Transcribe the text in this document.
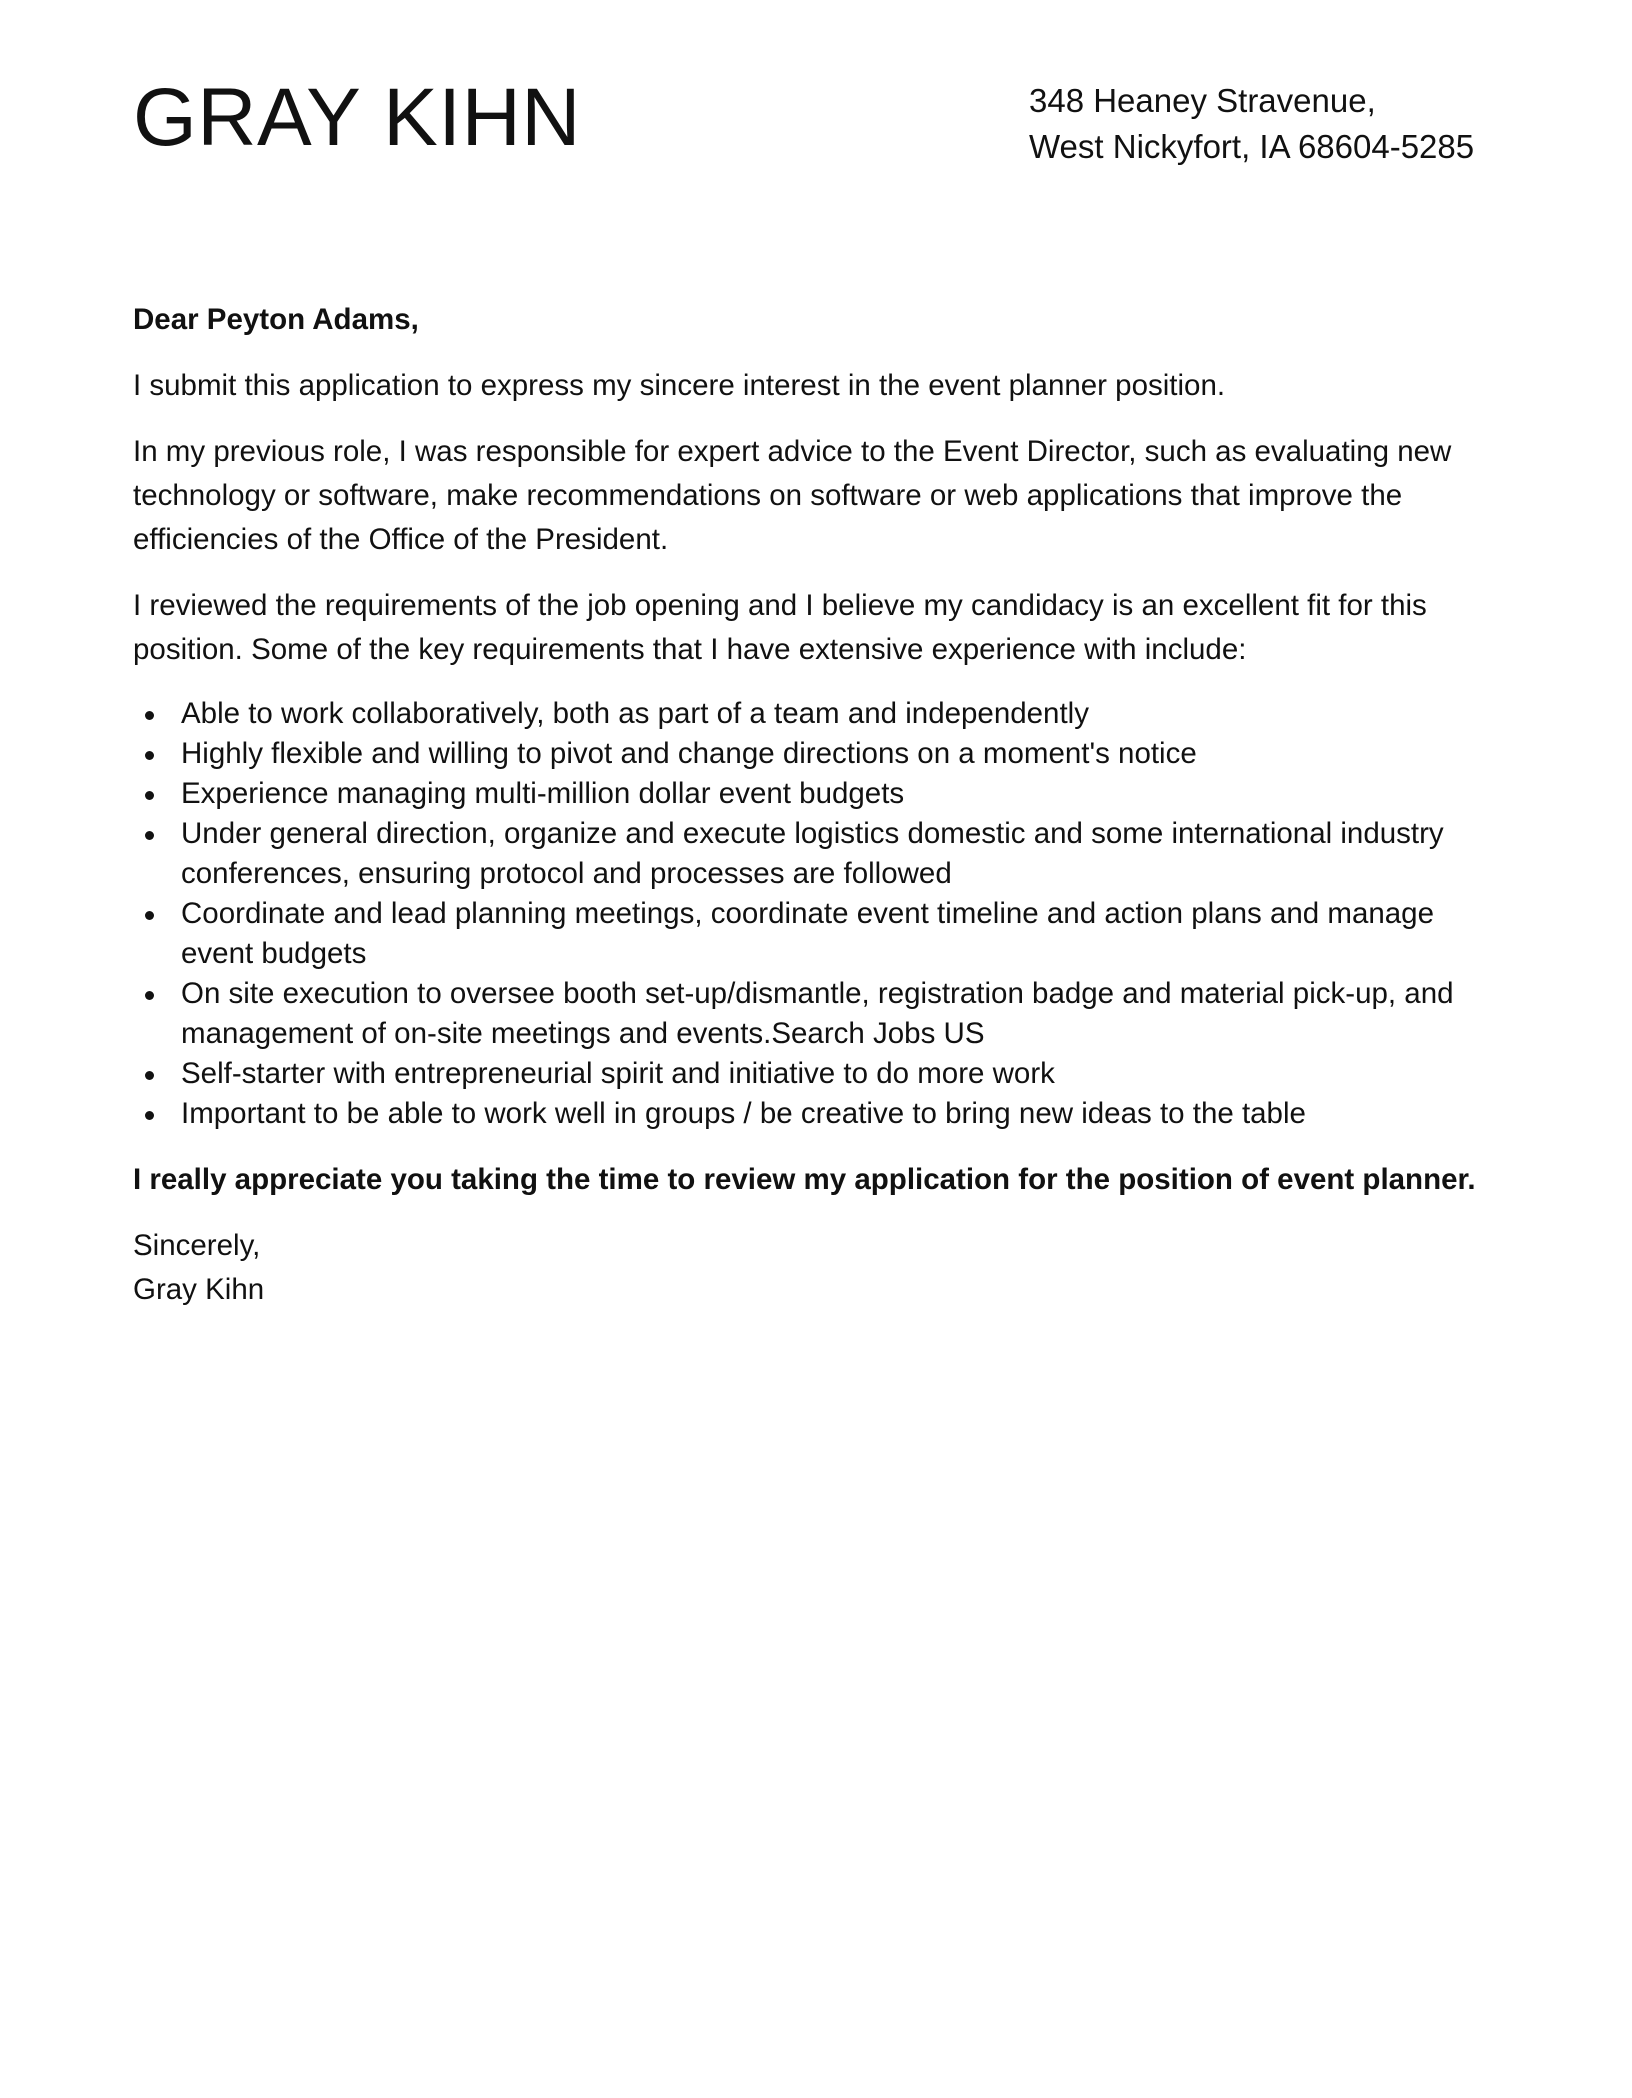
GRAY KIHN	348 Heaney Stravenue,
West Nickyfort, IA 68604-5285

Dear Peyton Adams,

I submit this application to express my sincere interest in the event planner position.

In my previous role, I was responsible for expert advice to the Event Director, such as evaluating new technology or software, make recommendations on software or web applications that improve the efficiencies of the Office of the President.

I reviewed the requirements of the job opening and I believe my candidacy is an excellent fit for this position. Some of the key requirements that I have extensive experience with include:

Able to work collaboratively, both as part of a team and independently
Highly flexible and willing to pivot and change directions on a moment's notice
Experience managing multi-million dollar event budgets
Under general direction, organize and execute logistics domestic and some international industry conferences, ensuring protocol and processes are followed
Coordinate and lead planning meetings, coordinate event timeline and action plans and manage event budgets
On site execution to oversee booth set-up/dismantle, registration badge and material pick-up, and management of on-site meetings and events.Search Jobs US
Self-starter with entrepreneurial spirit and initiative to do more work
Important to be able to work well in groups / be creative to bring new ideas to the table

I really appreciate you taking the time to review my application for the position of event planner.

Sincerely,
Gray Kihn
